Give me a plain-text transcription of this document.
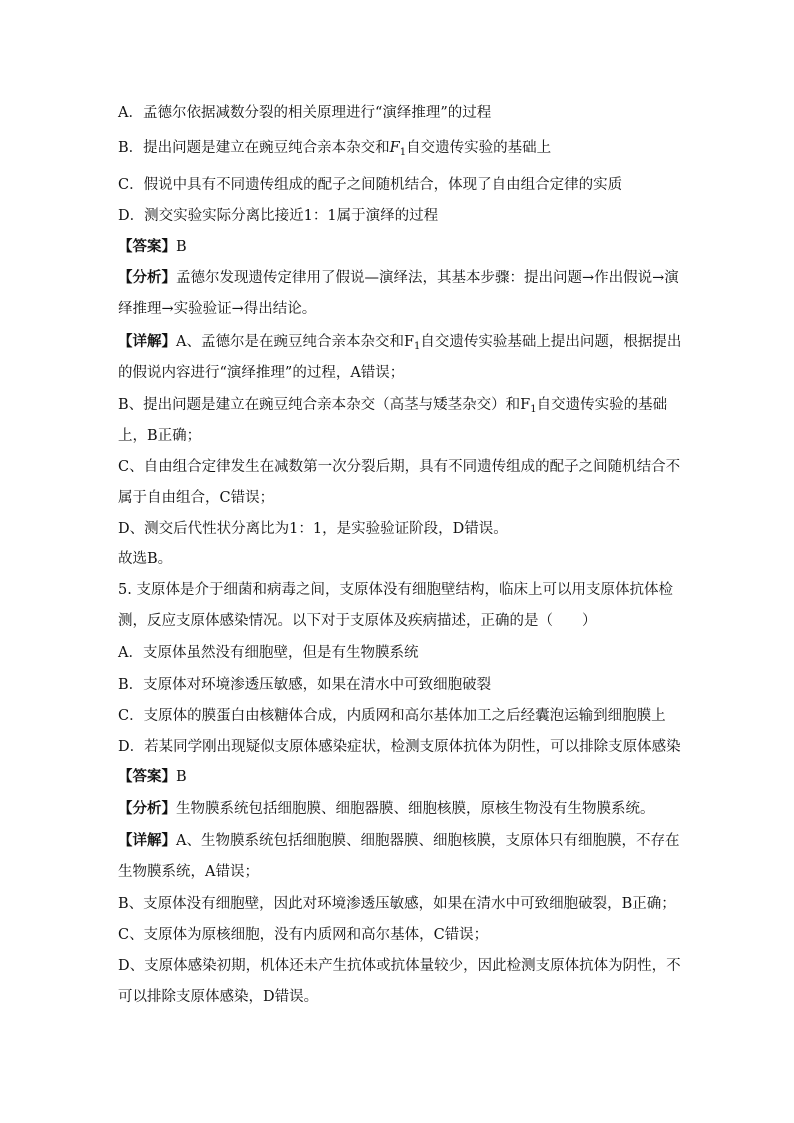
A．孟德尔依据减数分裂的相关原理进行“演绎推理”的过程
B．提出问题是建立在豌豆纯合亲本杂交和$F_1$自交遗传实验的基础上
C．假说中具有不同遗传组成的配子之间随机结合，体现了自由组合定律的实质
D．测交实验实际分离比接近1：1属于演绎的过程
【答案】B
【分析】孟德尔发现遗传定律用了假说—演绎法，其基本步骤：提出问题→作出假说→演
绎推理→实验验证→得出结论。
【详解】A、孟德尔是在豌豆纯合亲本杂交和$F_1$自交遗传实验基础上提出问题，根据提出
的假说内容进行“演绎推理”的过程，A错误；
B、提出问题是建立在豌豆纯合亲本杂交（高茎与矮茎杂交）和$F_1$自交遗传实验的基础
上，B正确；
C、自由组合定律发生在减数第一次分裂后期，具有不同遗传组成的配子之间随机结合不
属于自由组合，C错误；
D、测交后代性状分离比为1：1，是实验验证阶段，D错误。
故选B。
5. 支原体是介于细菌和病毒之间，支原体没有细胞壁结构，临床上可以用支原体抗体检
测，反应支原体感染情况。以下对于支原体及疾病描述，正确的是（　　）
A．支原体虽然没有细胞壁，但是有生物膜系统
B．支原体对环境渗透压敏感，如果在清水中可致细胞破裂
C．支原体的膜蛋白由核糖体合成，内质网和高尔基体加工之后经囊泡运输到细胞膜上
D．若某同学刚出现疑似支原体感染症状，检测支原体抗体为阴性，可以排除支原体感染
【答案】B
【分析】生物膜系统包括细胞膜、细胞器膜、细胞核膜，原核生物没有生物膜系统。
【详解】A、生物膜系统包括细胞膜、细胞器膜、细胞核膜，支原体只有细胞膜，不存在
生物膜系统，A错误；
B、支原体没有细胞壁，因此对环境渗透压敏感，如果在清水中可致细胞破裂，B正确；
C、支原体为原核细胞，没有内质网和高尔基体，C错误；
D、支原体感染初期，机体还未产生抗体或抗体量较少，因此检测支原体抗体为阴性，不
可以排除支原体感染，D错误。
